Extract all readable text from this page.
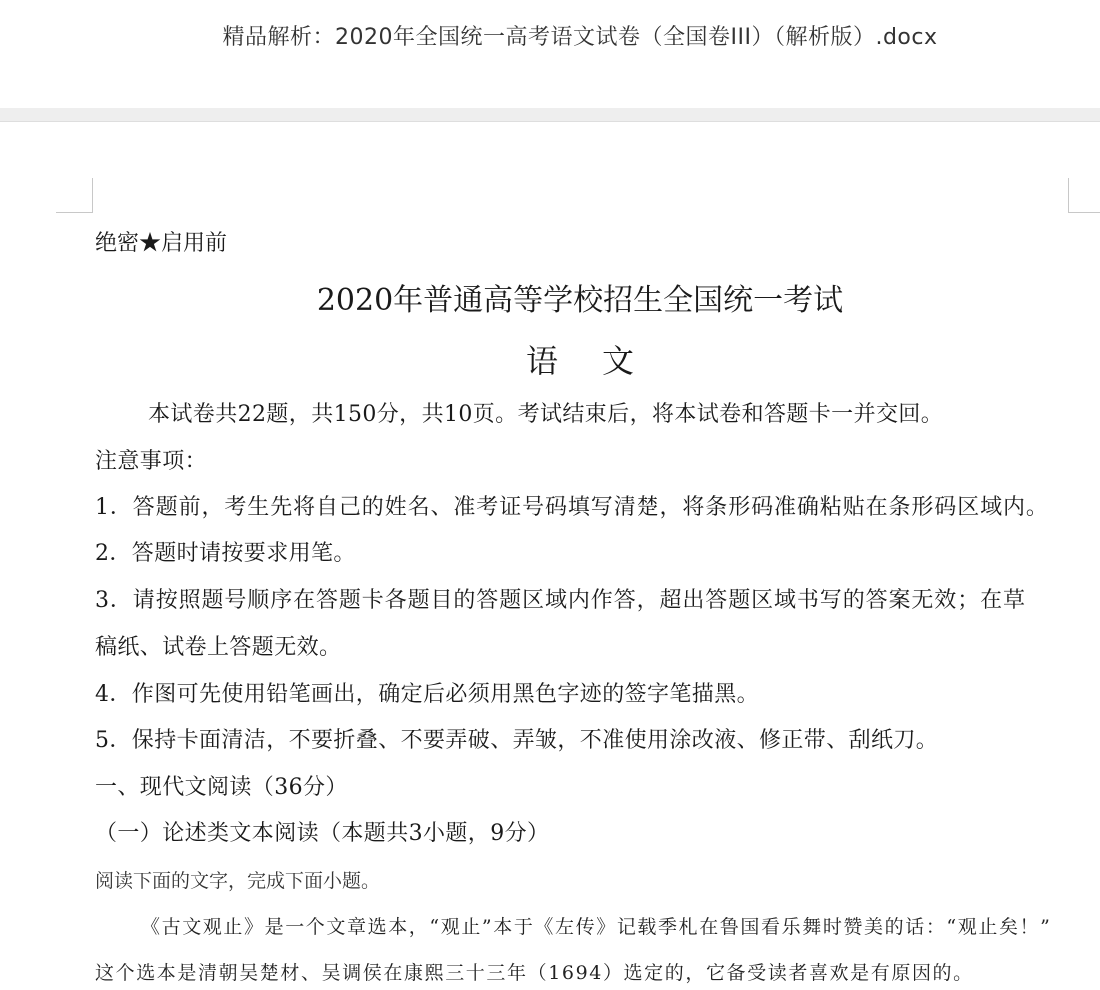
精品解析：2020年全国统一高考语文试卷（全国卷III）（解析版）.docx
绝密★启用前
2020年普通高等学校招生全国统一考试
语文
本试卷共22题，共150分，共10页。考试结束后，将本试卷和答题卡一并交回。
注意事项：
1．答题前，考生先将自己的姓名、准考证号码填写清楚，将条形码准确粘贴在条形码区域内。
2．答题时请按要求用笔。
3．请按照题号顺序在答题卡各题目的答题区域内作答，超出答题区域书写的答案无效；在草
稿纸、试卷上答题无效。
4．作图可先使用铅笔画出，确定后必须用黑色字迹的签字笔描黑。
5．保持卡面清洁，不要折叠、不要弄破、弄皱，不准使用涂改液、修正带、刮纸刀。
一、现代文阅读（36分）
（一）论述类文本阅读（本题共3小题，9分）
阅读下面的文字，完成下面小题。
《古文观止》是一个文章选本，“观止”本于《左传》记载季札在鲁国看乐舞时赞美的话：“观止矣！”
这个选本是清朝吴楚材、吴调侯在康熙三十三年（1694）选定的，它备受读者喜欢是有原因的。
